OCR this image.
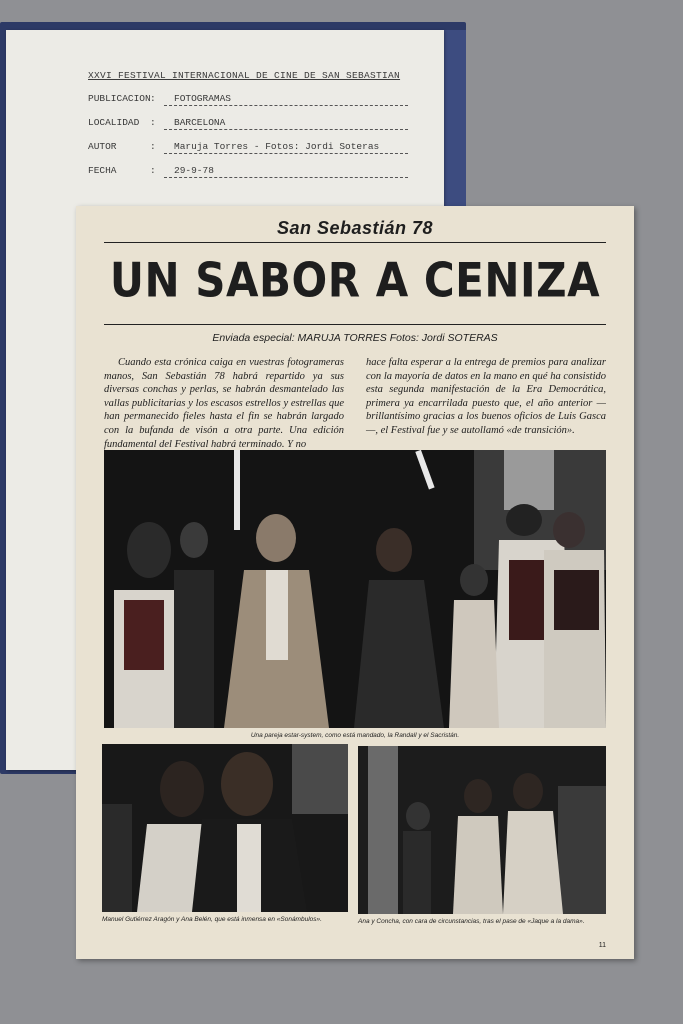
XXVI FESTIVAL INTERNACIONAL DE CINE DE SAN SEBASTIAN
PUBLICACION :	FOTOGRAMAS
LOCALIDAD	:	BARCELONA
AUTOR	:	Maruja Torres - Fotos: Jordi Soteras
FECHA	:	29-9-78
San Sebastián 78
UN SABOR A CENIZA
Enviada especial: MARUJA TORRES Fotos: Jordi SOTERAS
Cuando esta crónica caiga en vuestras fotogrameras manos, San Sebastián 78 habrá repartido ya sus diversas conchas y perlas, se habrán desmantelado las vallas publicitarias y los escasos estrellos y estrellas que han permanecido fieles hasta el fin se habrán largado con la bufanda de visón a otra parte. Una edición fundamental del Festival habrá terminado. Y no
hace falta esperar a la entrega de premios para analizar con la mayoría de datos en la mano en qué ha consistido esta segunda manifestación de la Era Democrática, primera ya encarrilada puesto que, el año anterior —brillantísimo gracias a los buenos oficios de Luis Gasca—, el Festival fue y se autollamó «de transición».
Una pareja estar-system, como está mandado, la Randall y el Sacristán.
Manuel Gutiérrez Aragón y Ana Belén, que está inmensa en «Sonámbulos».	Ana y Concha, con cara de circunstancias, tras el pase de «Jaque a la dama».
11
